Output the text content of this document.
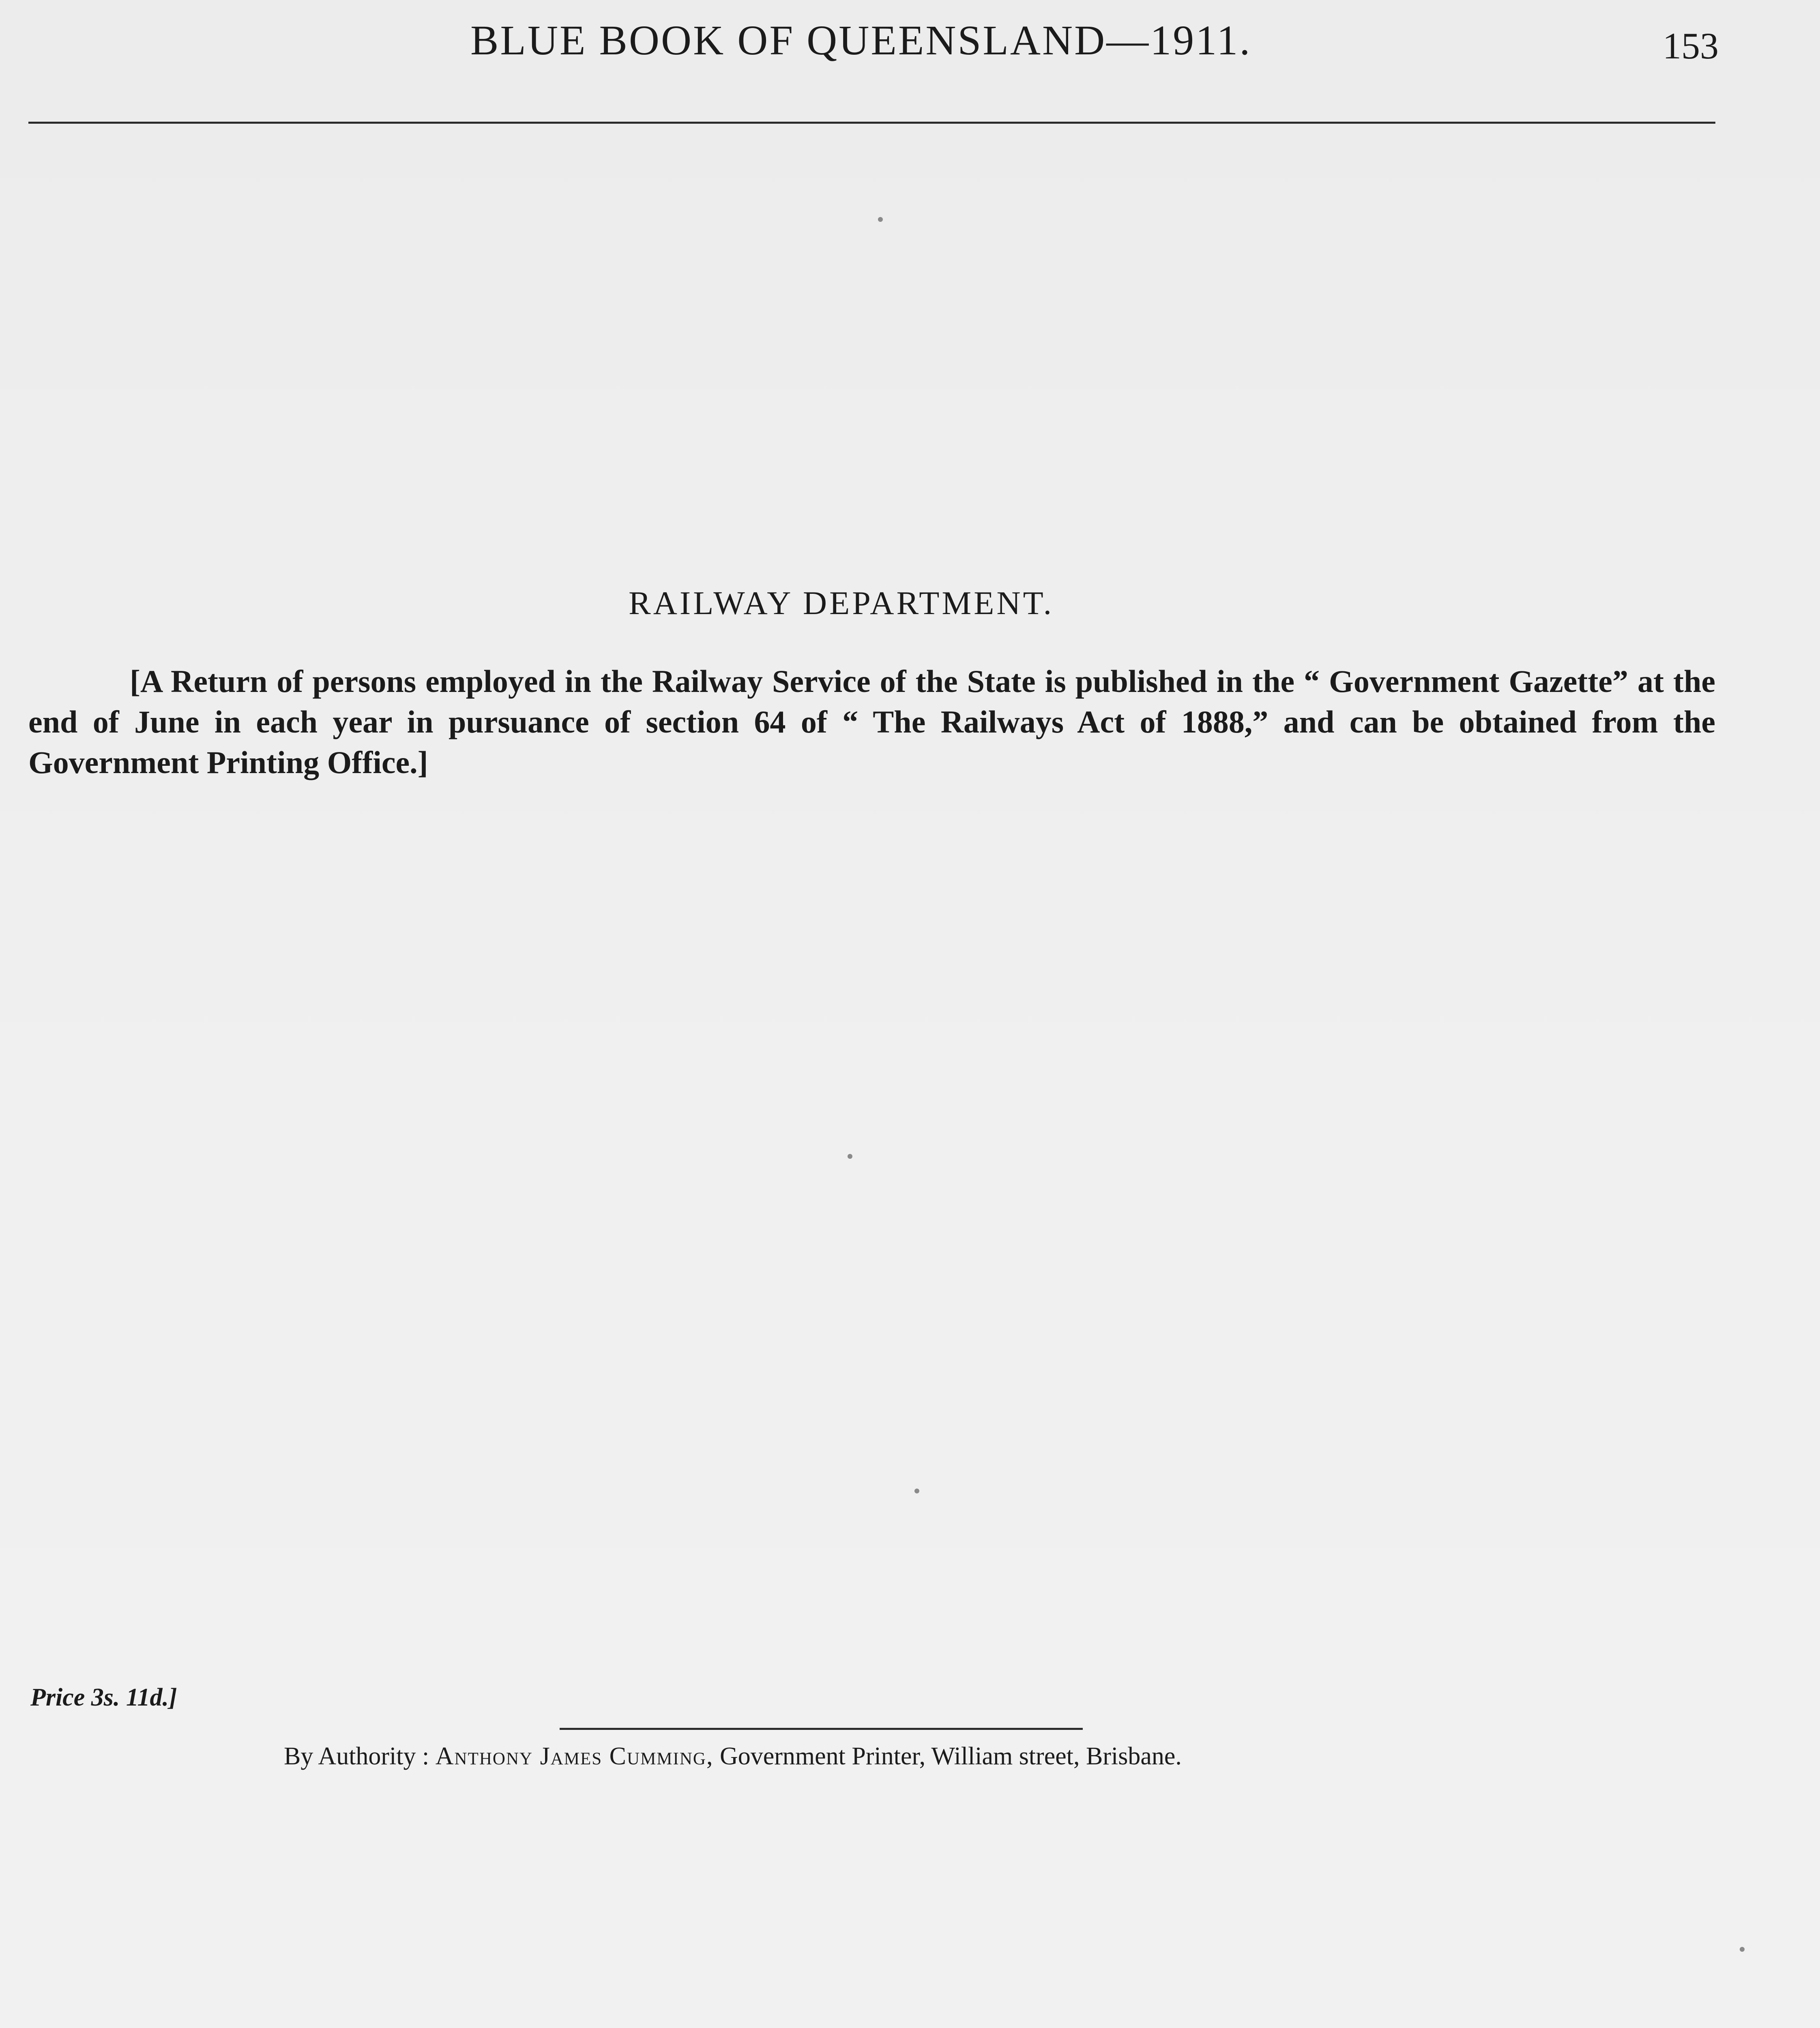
BLUE BOOK OF QUEENSLAND—1911.	153
RAILWAY DEPARTMENT.

[A Return of persons employed in the Railway Service of the State is published in the “ Government Gazette” at the end of June in each year in pursuance of section 64 of “ The Railways Act of 1888,” and can be obtained from the Government Printing Office.]

Price 3s. 11d.]
By Authority : Anthony James Cumming, Government Printer, William street, Brisbane.
